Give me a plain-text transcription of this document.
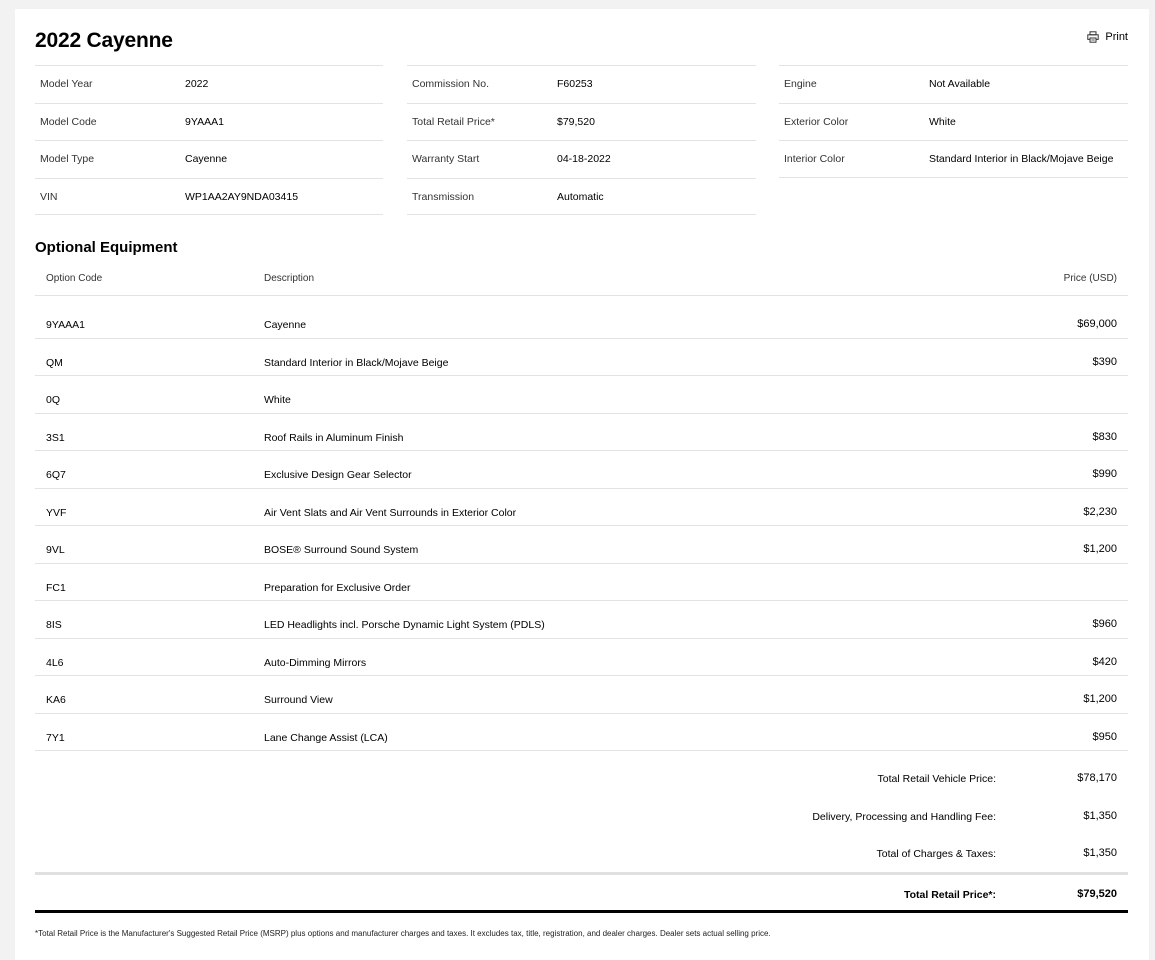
2022 Cayenne	Print
Model Year	2022
Model Code	9YAAA1
Model Type	Cayenne
VIN	WP1AA2AY9NDA03415
Commission No.	F60253
Total Retail Price*	$79,520
Warranty Start	04-18-2022
Transmission	Automatic
Engine	Not Available
Exterior Color	White
Interior Color	Standard Interior in Black/Mojave Beige
Optional Equipment
Option Code	Description	Price (USD)
9YAAA1	Cayenne	$69,000
QM	Standard Interior in Black/Mojave Beige	$390
0Q	White
3S1	Roof Rails in Aluminum Finish	$830
6Q7	Exclusive Design Gear Selector	$990
YVF	Air Vent Slats and Air Vent Surrounds in Exterior Color	$2,230
9VL	BOSE® Surround Sound System	$1,200
FC1	Preparation for Exclusive Order
8IS	LED Headlights incl. Porsche Dynamic Light System (PDLS)	$960
4L6	Auto-Dimming Mirrors	$420
KA6	Surround View	$1,200
7Y1	Lane Change Assist (LCA)	$950
Total Retail Vehicle Price:	$78,170
Delivery, Processing and Handling Fee:	$1,350
Total of Charges & Taxes:	$1,350
Total Retail Price*:	$79,520
*Total Retail Price is the Manufacturer's Suggested Retail Price (MSRP) plus options and manufacturer charges and taxes. It excludes tax, title, registration, and dealer charges. Dealer sets actual selling price.
